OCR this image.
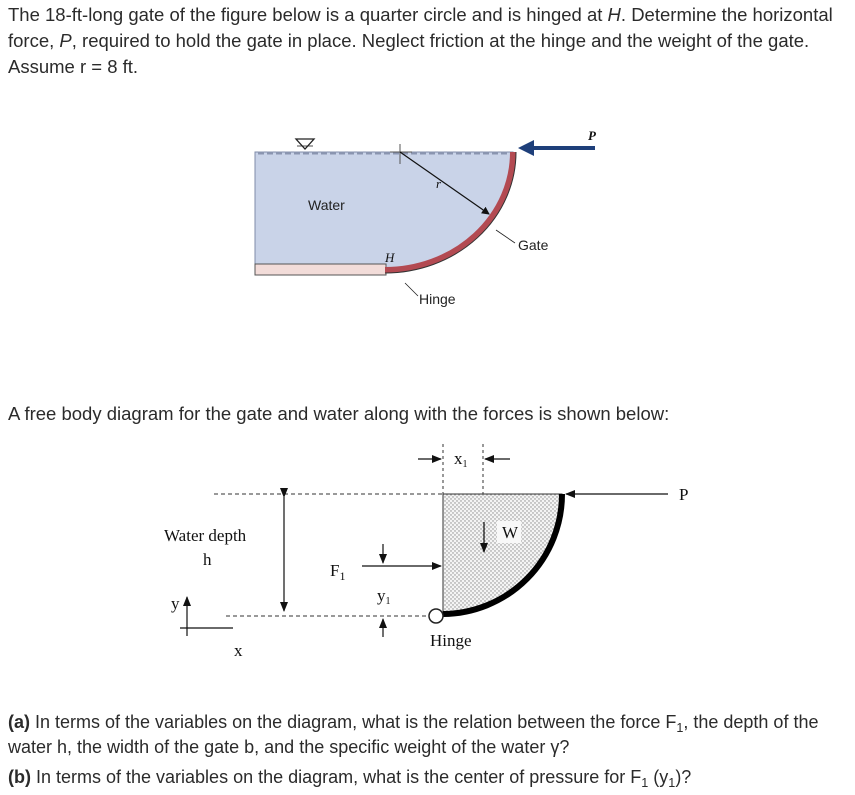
The 18-ft-long gate of the figure below is a quarter circle and is hinged at H. Determine the horizontal force, P, required to hold the gate in place. Neglect friction at the hinge and the weight of the gate.
Assume r = 8 ft.
Water
r
H
Gate
Hinge
P
A free body diagram for the gate and water along with the forces is shown below:
x1
P
W
$F_1$
y1
Water depth
h
y
x
Hinge
(a) In terms of the variables on the diagram, what is the relation between the force $F_1$, the depth of the water h, the width of the gate b, and the specific weight of the water γ?
(b) In terms of the variables on the diagram, what is the center of pressure for $F_1$ $(y_1)$?
